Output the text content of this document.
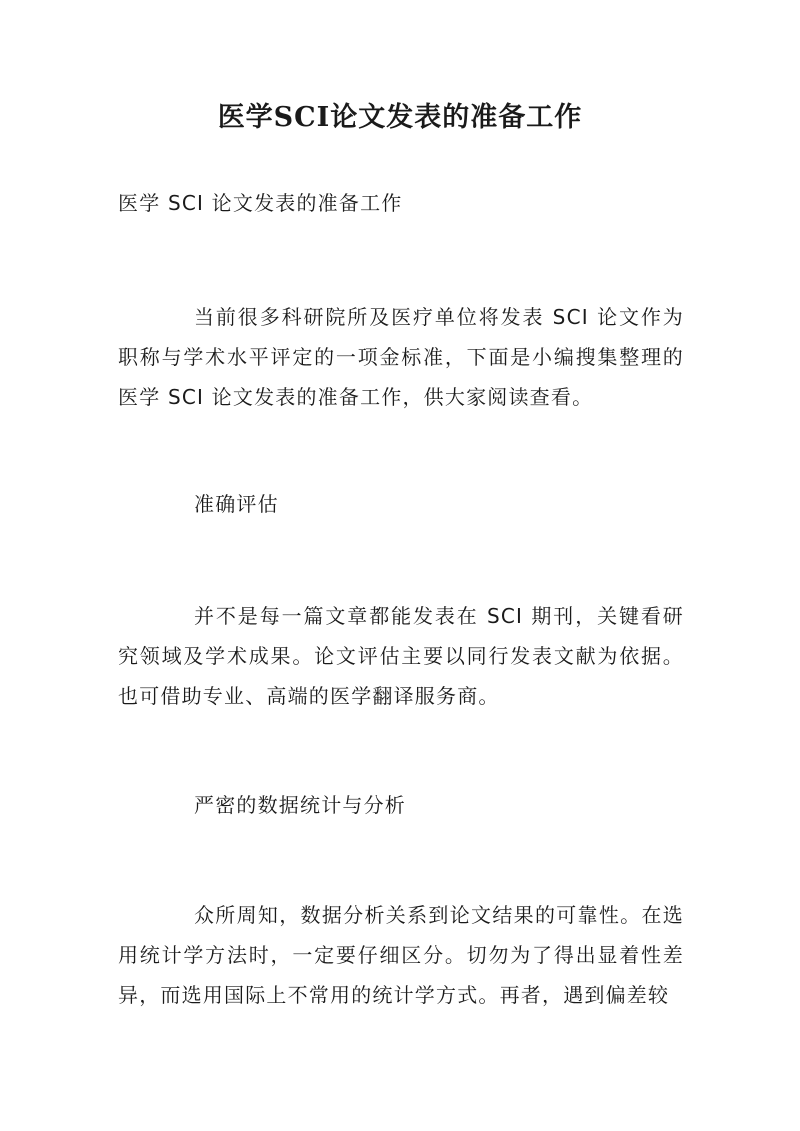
医学SCI论文发表的准备工作
医学 SCI 论文发表的准备工作
当前很多科研院所及医疗单位将发表 SCI 论文作为职称与学术水平评定的一项金标准，下面是小编搜集整理的医学 SCI 论文发表的准备工作，供大家阅读查看。
准确评估
并不是每一篇文章都能发表在 SCI 期刊，关键看研究领域及学术成果。论文评估主要以同行发表文献为依据。也可借助专业、高端的医学翻译服务商。
严密的数据统计与分析
众所周知，数据分析关系到论文结果的可靠性。在选用统计学方法时，一定要仔细区分。切勿为了得出显着性差异，而选用国际上不常用的统计学方式。再者，遇到偏差较
